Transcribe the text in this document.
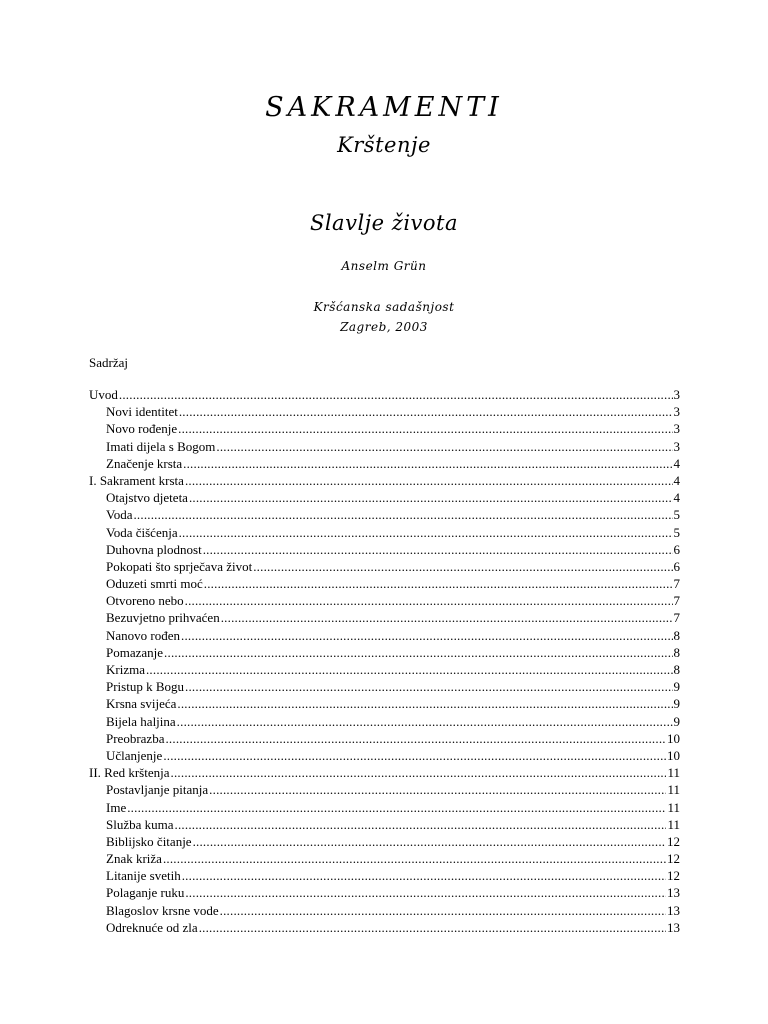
SAKRAMENTI
Krštenje
Slavlje života
Anselm Grün
Kršćanska sadašnjost
Zagreb, 2003
Sadržaj
Uvod .....	3
Novi identitet .....	3
Novo rođenje .....	3
Imati dijela s Bogom .....	3
Značenje krsta .....	4
I. Sakrament krsta .....	4
Otajstvo djeteta .....	4
Voda .....	5
Voda čišćenja .....	5
Duhovna plodnost .....	6
Pokopati što sprječava život .....	6
Oduzeti smrti moć .....	7
Otvoreno nebo .....	7
Bezuvjetno prihvaćen .....	7
Nanovo rođen .....	8
Pomazanje .....	8
Krizma .....	8
Pristup k Bogu .....	9
Krsna svijeća .....	9
Bijela haljina .....	9
Preobrazba .....	10
Učlanjenje .....	10
II. Red krštenja .....	11
Postavljanje pitanja .....	11
Ime .....	11
Služba kuma .....	11
Biblijsko čitanje .....	12
Znak križa .....	12
Litanije svetih .....	12
Polaganje ruku .....	13
Blagoslov krsne vode .....	13
Odreknuće od zla .....	13
